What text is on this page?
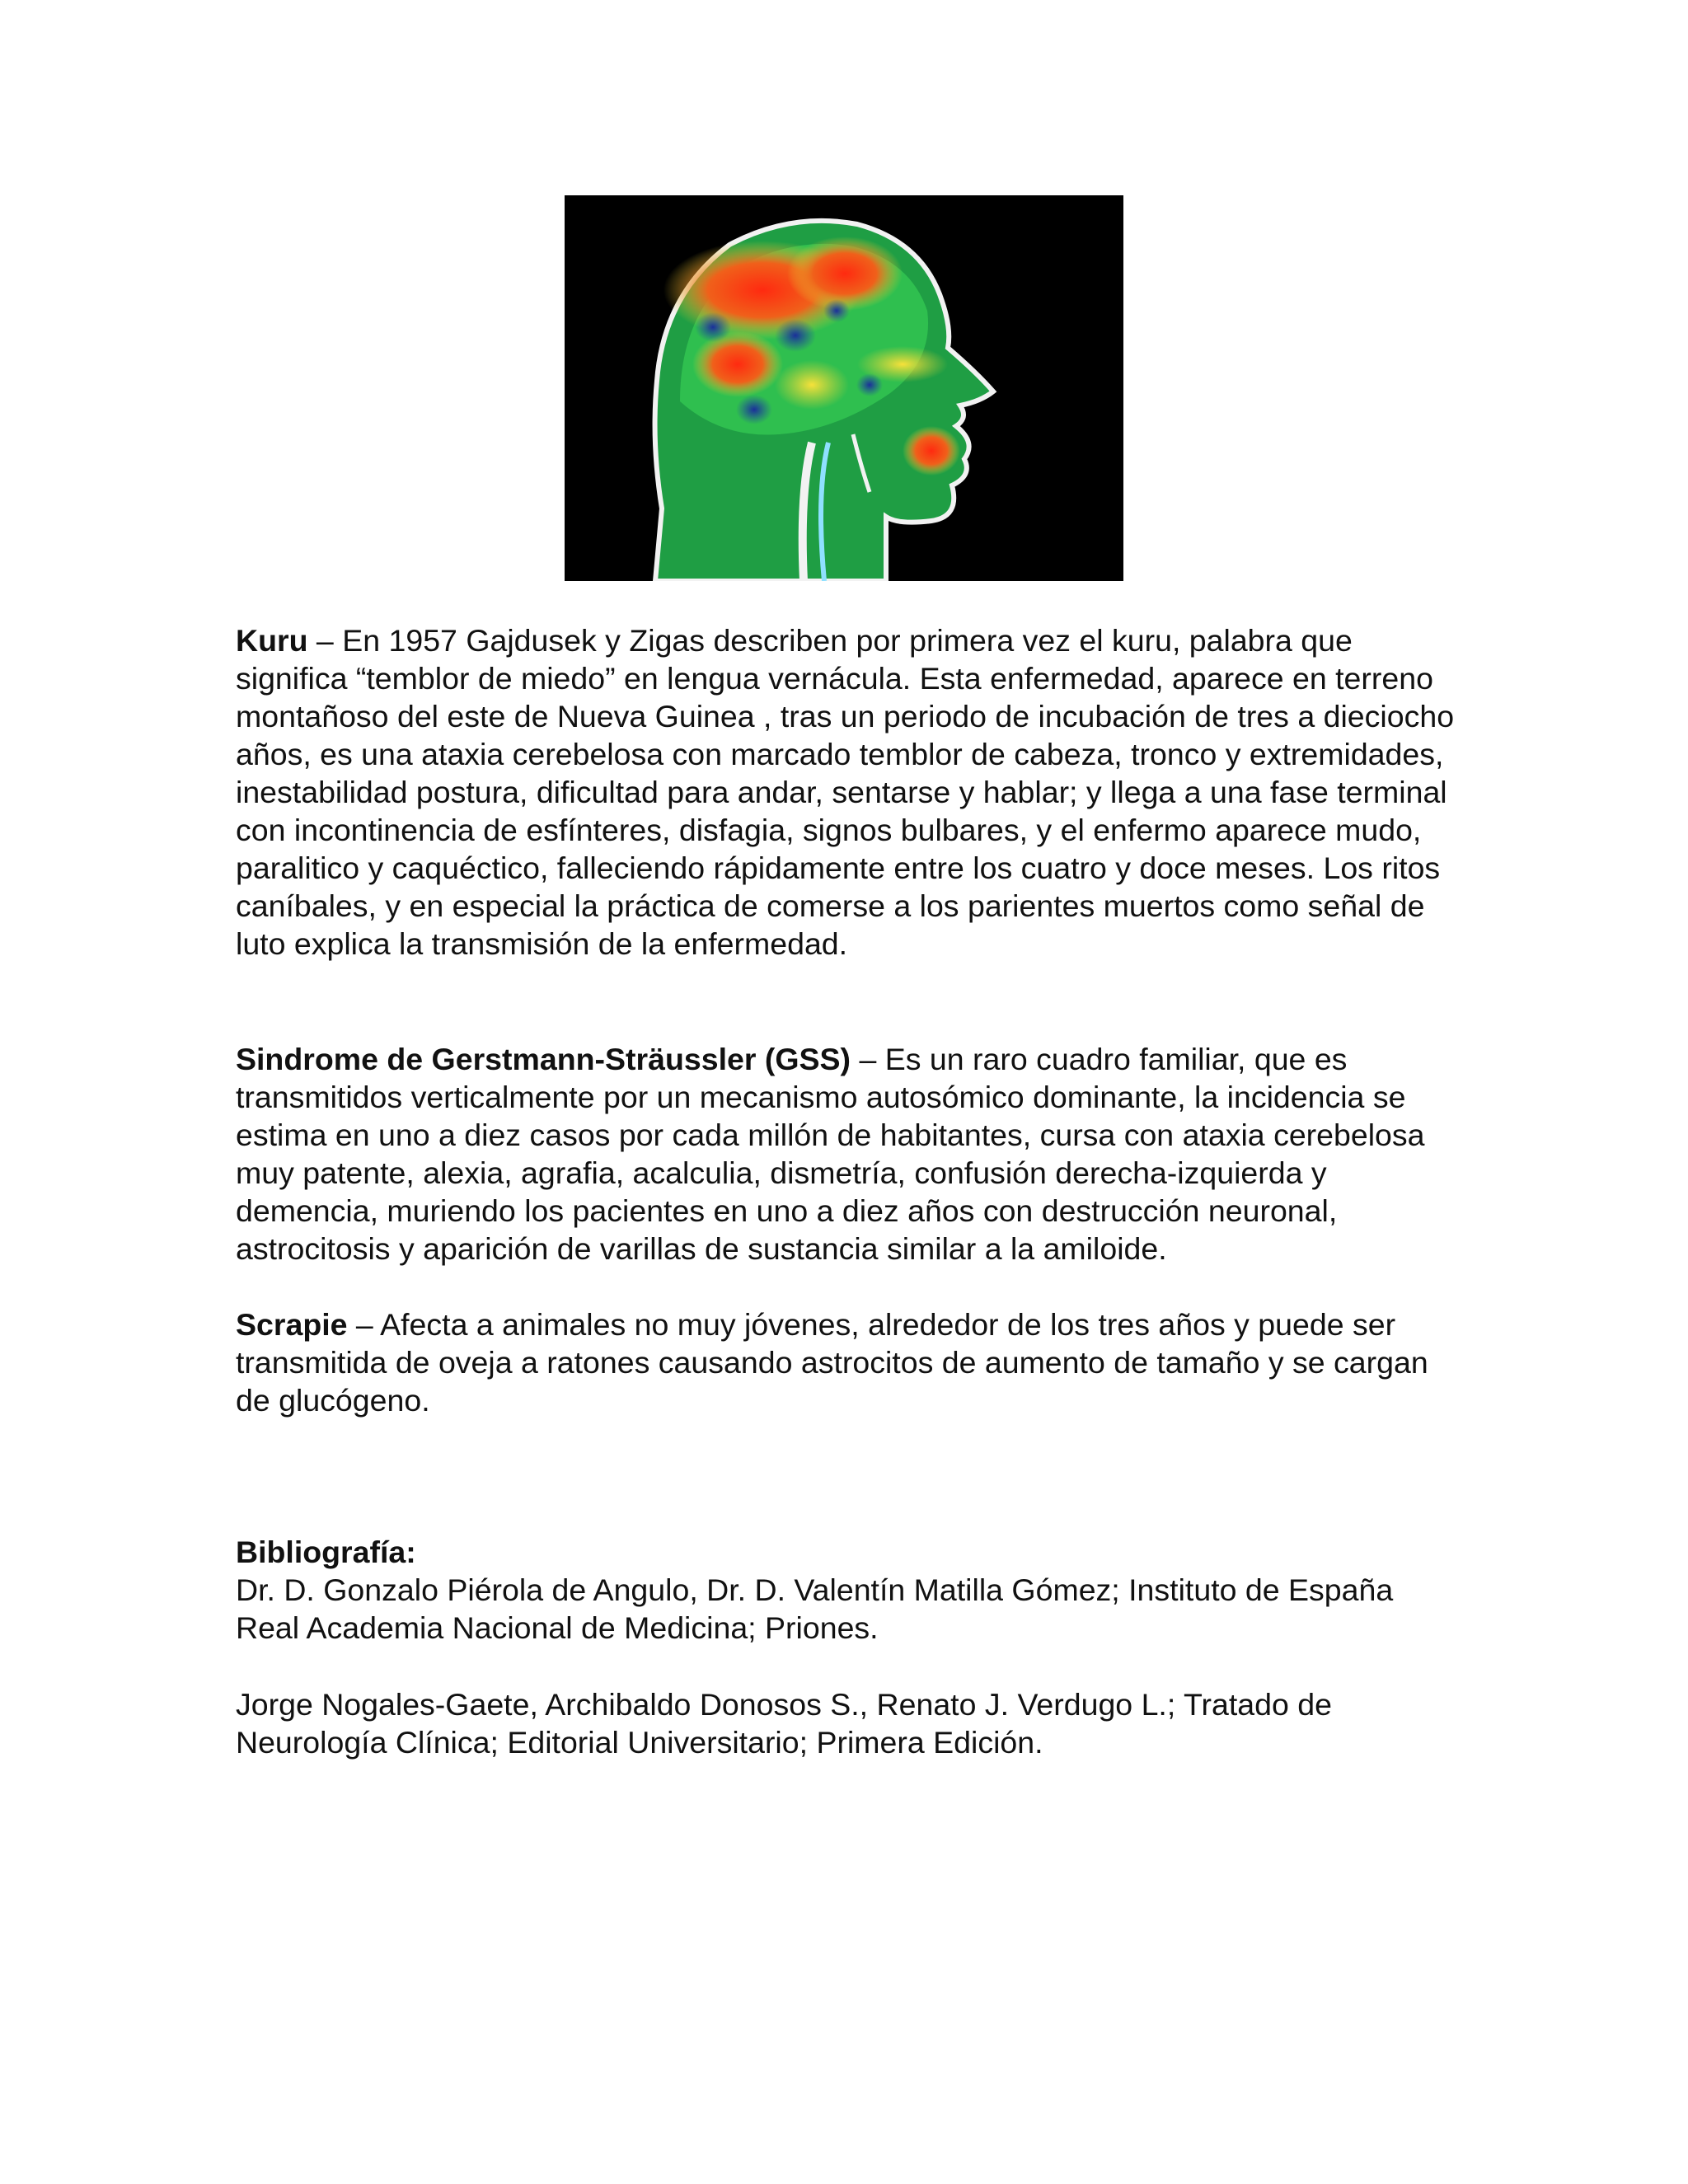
Kuru – En 1957 Gajdusek y Zigas describen por primera vez el kuru, palabra que significa “temblor de miedo” en lengua vernácula. Esta enfermedad, aparece en terreno montañoso del este de Nueva Guinea , tras un periodo de incubación de tres a dieciocho años, es una ataxia cerebelosa con marcado temblor de cabeza, tronco y extremidades, inestabilidad postura, dificultad para andar, sentarse y hablar; y llega a una fase terminal con incontinencia de esfínteres, disfagia, signos bulbares, y el enfermo aparece mudo, paralitico y caquéctico, falleciendo rápidamente entre los cuatro y doce meses. Los ritos caníbales, y en especial la práctica de comerse a los parientes muertos como señal de luto explica la transmisión de la enfermedad.

Sindrome de Gerstmann-Sträussler (GSS) – Es un raro cuadro familiar, que es transmitidos verticalmente por un mecanismo autosómico dominante, la incidencia se estima en uno a diez casos por cada millón de habitantes, cursa con ataxia cerebelosa muy patente, alexia, agrafia, acalculia, dismetría, confusión derecha-izquierda y demencia, muriendo los pacientes en uno a diez años con destrucción neuronal, astrocitosis y aparición de varillas de sustancia similar a la amiloide.

Scrapie – Afecta a animales no muy jóvenes, alrededor de los tres años y puede ser transmitida de oveja a ratones causando astrocitos de aumento de tamaño y se cargan de glucógeno.

Bibliografía:

Dr. D. Gonzalo Piérola de Angulo, Dr. D. Valentín Matilla Gómez; Instituto de España Real Academia Nacional de Medicina; Priones.

Jorge Nogales-Gaete, Archibaldo Donosos S., Renato J. Verdugo L.; Tratado de Neurología Clínica; Editorial Universitario; Primera Edición.
